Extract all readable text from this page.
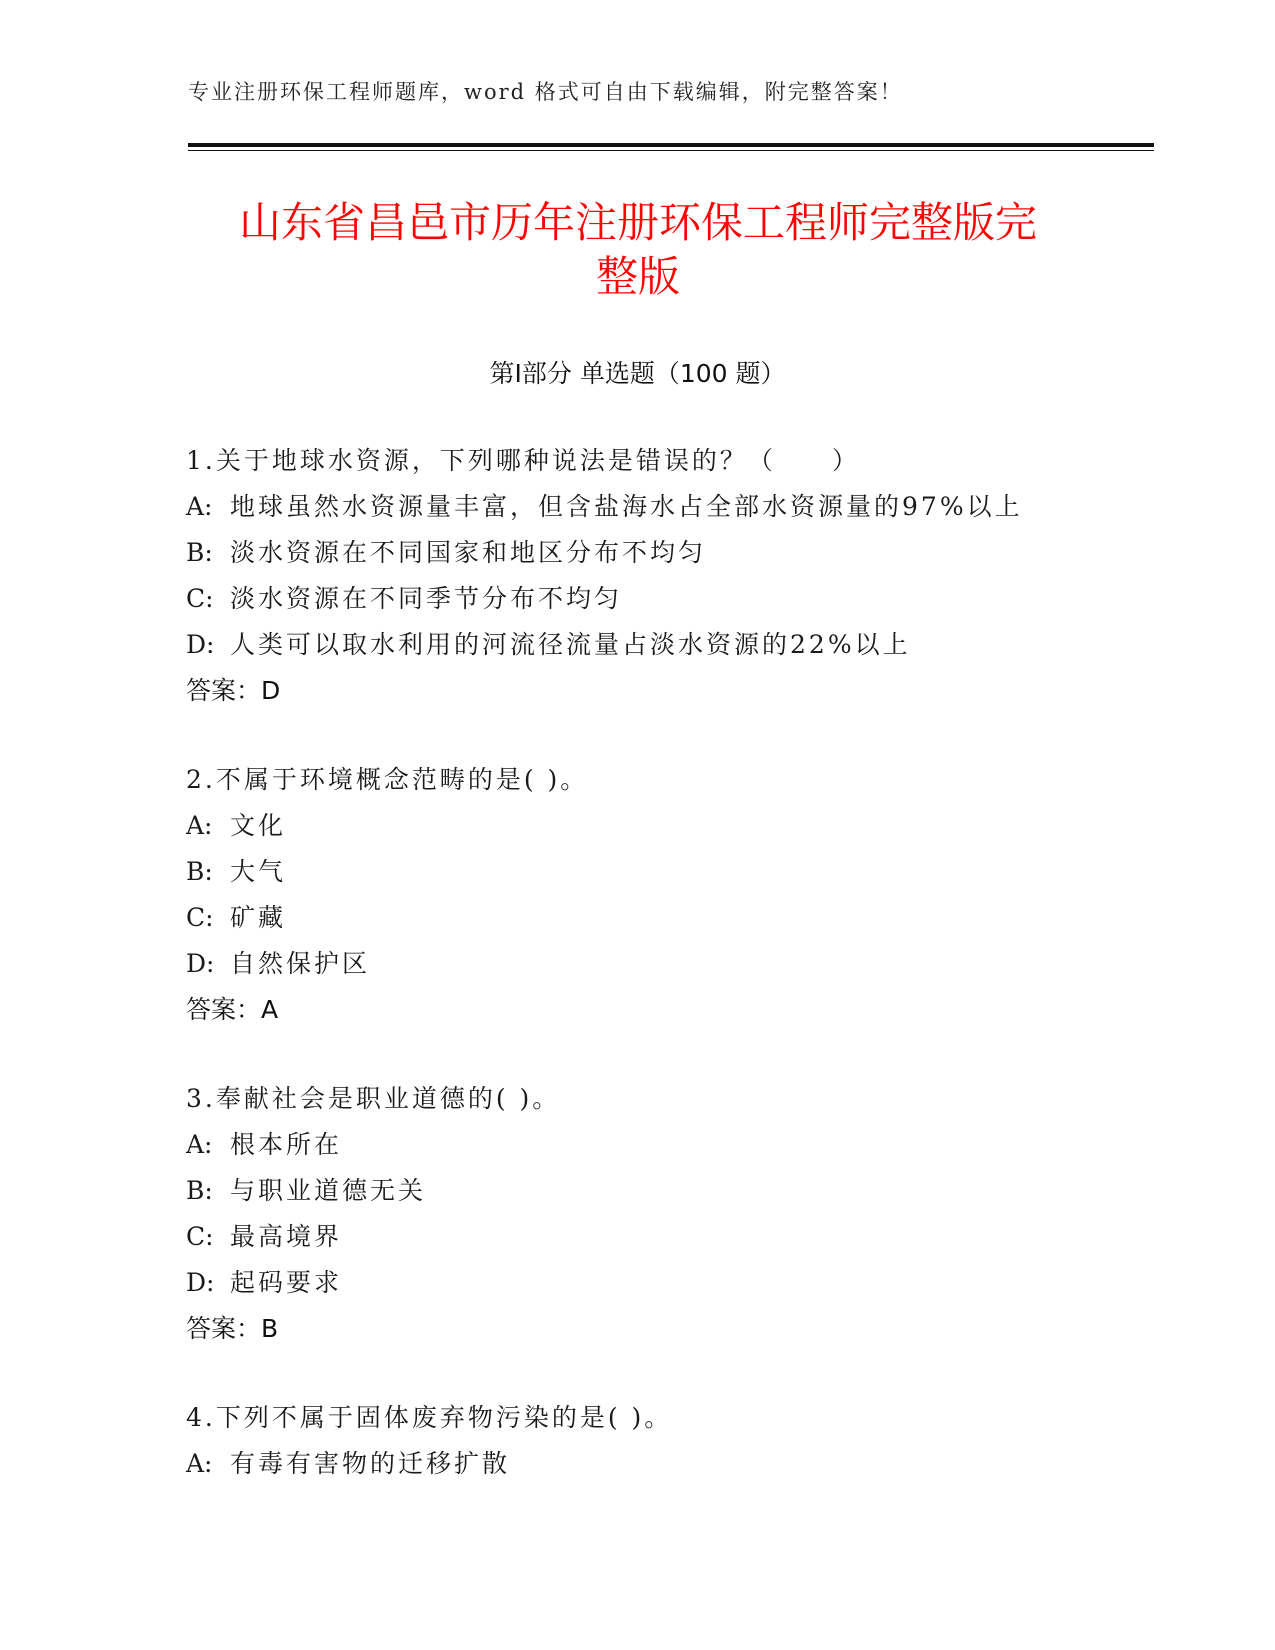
专业注册环保工程师题库，word 格式可自由下载编辑，附完整答案！
山东省昌邑市历年注册环保工程师完整版完
整版
第Ⅰ部分 单选题（100 题）
1.关于地球水资源，下列哪种说法是错误的？（　　）
A: 地球虽然水资源量丰富，但含盐海水占全部水资源量的97%以上
B: 淡水资源在不同国家和地区分布不均匀
C: 淡水资源在不同季节分布不均匀
D: 人类可以取水利用的河流径流量占淡水资源的22%以上
答案：D
2.不属于环境概念范畴的是( )。
A: 文化
B: 大气
C: 矿藏
D: 自然保护区
答案：A
3.奉献社会是职业道德的( )。
A: 根本所在
B: 与职业道德无关
C: 最高境界
D: 起码要求
答案：B
4.下列不属于固体废弃物污染的是( )。
A: 有毒有害物的迁移扩散
